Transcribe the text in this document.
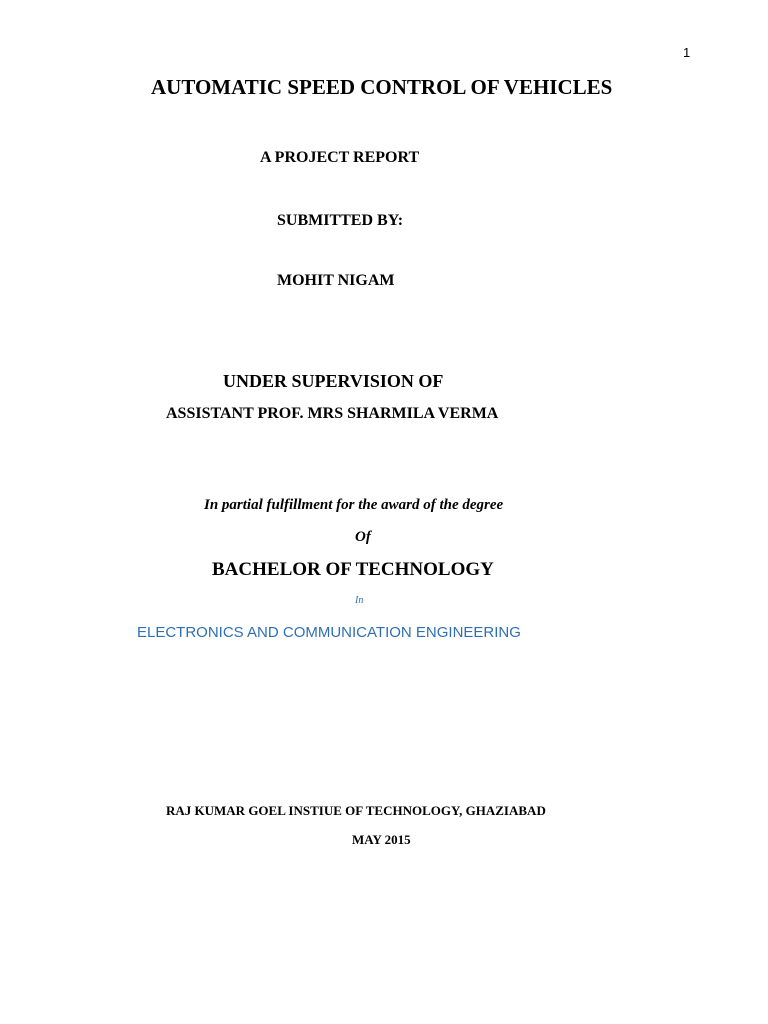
1

AUTOMATIC SPEED CONTROL OF VEHICLES

A PROJECT REPORT

SUBMITTED BY:

MOHIT NIGAM

UNDER SUPERVISION OF

ASSISTANT PROF. MRS SHARMILA VERMA

In partial fulfillment for the award of the degree

Of

BACHELOR OF TECHNOLOGY

In

ELECTRONICS AND COMMUNICATION ENGINEERING

RAJ KUMAR GOEL INSTIUE OF TECHNOLOGY, GHAZIABAD

MAY 2015
